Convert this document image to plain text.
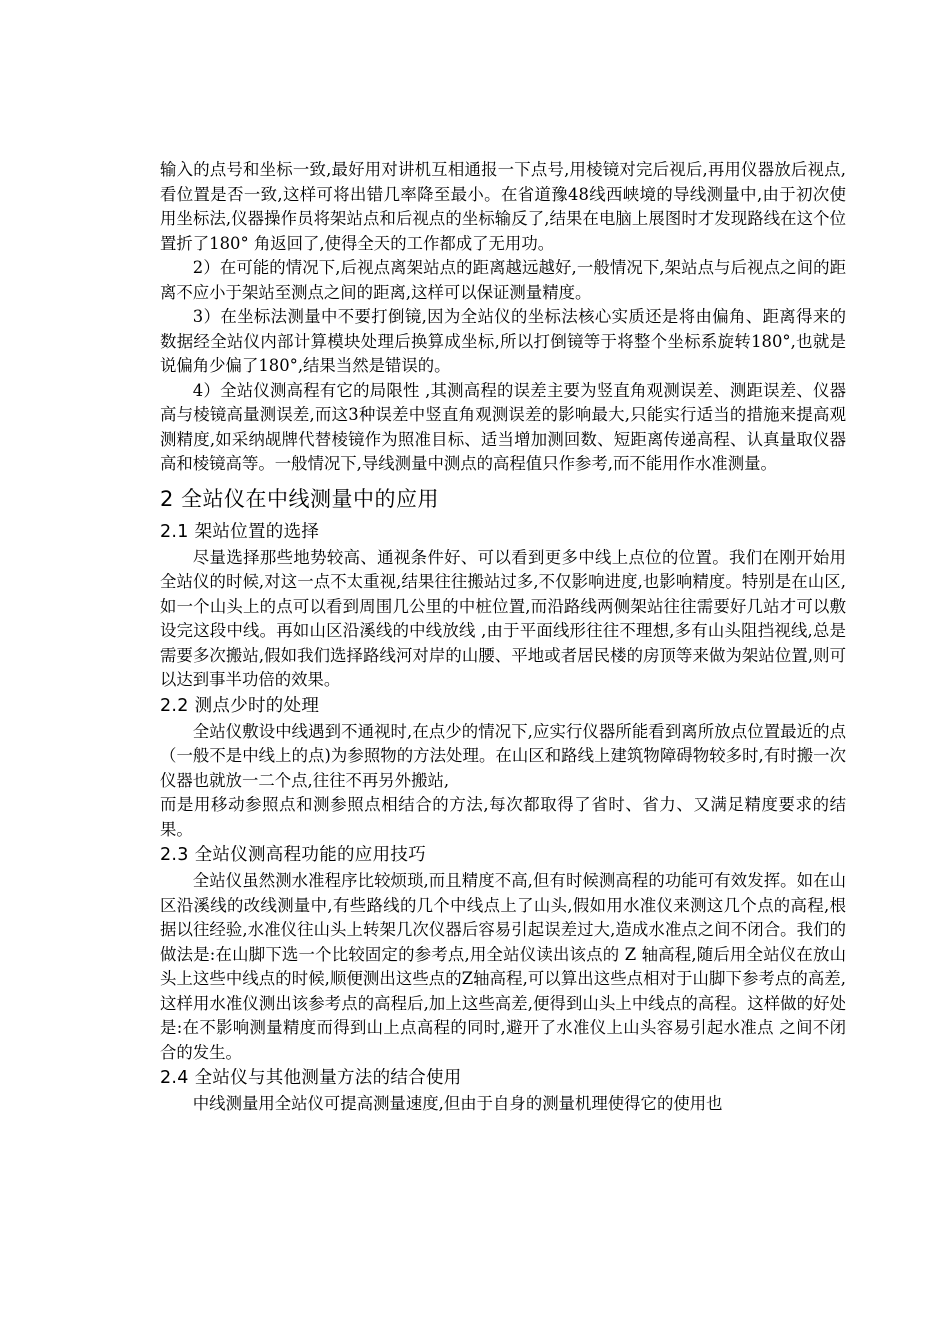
输入的点号和坐标一致,最好用对讲机互相通报一下点号,用棱镜对完后视后,再用仪器放后视点,看位置是否一致,这样可将出错几率降至最小。在省道豫48线西峡境的导线测量中,由于初次使用坐标法,仪器操作员将架站点和后视点的坐标输反了,结果在电脑上展图时才发现路线在这个位置折了180° 角返回了,使得全天的工作都成了无用功。

2）在可能的情况下,后视点离架站点的距离越远越好,一般情况下,架站点与后视点之间的距离不应小于架站至测点之间的距离,这样可以保证测量精度。

3）在坐标法测量中不要打倒镜,因为全站仪的坐标法核心实质还是将由偏角、距离得来的数据经全站仪内部计算模块处理后换算成坐标,所以打倒镜等于将整个坐标系旋转180°,也就是说偏角少偏了180°,结果当然是错误的。

4）全站仪测高程有它的局限性 ,其测高程的误差主要为竖直角观测误差、测距误差、仪器高与棱镜高量测误差,而这3种误差中竖直角观测误差的影响最大,只能实行适当的措施来提高观测精度,如采纳觇牌代替棱镜作为照准目标、适当增加测回数、短距离传递高程、认真量取仪器高和棱镜高等。一般情况下,导线测量中测点的高程值只作参考,而不能用作水准测量。

2 全站仪在中线测量中的应用
2.1 架站位置的选择

尽量选择那些地势较高、通视条件好、可以看到更多中线上点位的位置。我们在刚开始用全站仪的时候,对这一点不太重视,结果往往搬站过多,不仅影响进度,也影响精度。特别是在山区,如一个山头上的点可以看到周围几公里的中桩位置,而沿路线两侧架站往往需要好几站才可以敷设完这段中线。再如山区沿溪线的中线放线 ,由于平面线形往往不理想,多有山头阻挡视线,总是需要多次搬站,假如我们选择路线河对岸的山腰、平地或者居民楼的房顶等来做为架站位置,则可以达到事半功倍的效果。

2.2 测点少时的处理

全站仪敷设中线遇到不通视时,在点少的情况下,应实行仪器所能看到离所放点位置最近的点（一般不是中线上的点)为参照物的方法处理。在山区和路线上建筑物障碍物较多时,有时搬一次仪器也就放一二个点,往往不再另外搬站,

而是用移动参照点和测参照点相结合的方法,每次都取得了省时、省力、又满足精度要求的结果。

2.3 全站仪测高程功能的应用技巧

全站仪虽然测水准程序比较烦琐,而且精度不高,但有时候测高程的功能可有效发挥。如在山区沿溪线的改线测量中,有些路线的几个中线点上了山头,假如用水准仪来测这几个点的高程,根据以往经验,水准仪往山头上转架几次仪器后容易引起误差过大,造成水准点之间不闭合。我们的做法是:在山脚下选一个比较固定的参考点,用全站仪读出该点的 Z 轴高程,随后用全站仪在放山头上这些中线点的时候,顺便测出这些点的Z轴高程,可以算出这些点相对于山脚下参考点的高差,这样用水准仪测出该参考点的高程后,加上这些高差,便得到山头上中线点的高程。这样做的好处是:在不影响测量精度而得到山上点高程的同时,避开了水准仪上山头容易引起水准点 之间不闭合的发生。

2.4 全站仪与其他测量方法的结合使用

中线测量用全站仪可提高测量速度,但由于自身的测量机理使得它的使用也
